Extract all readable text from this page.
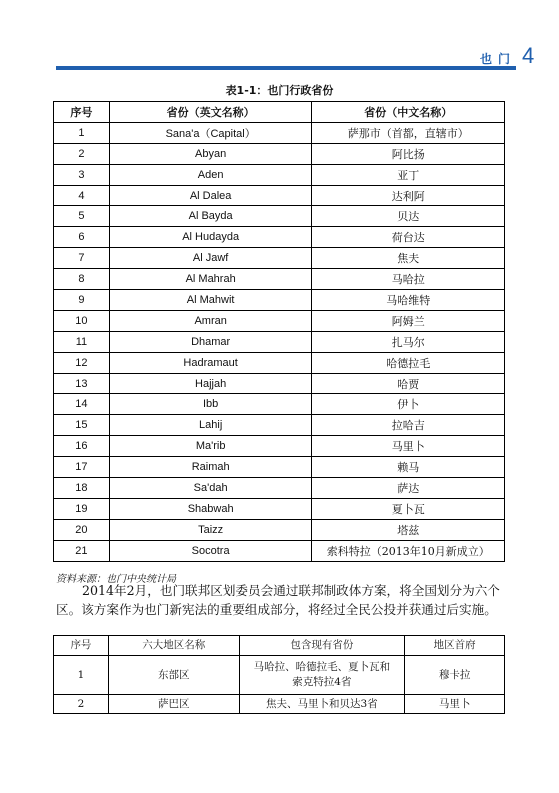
也门 4
表1-1：也门行政省份
序号	省份（英文名称）	省份（中文名称）
1	Sana'a（Capital）	萨那市（首都，直辖市）
2	Abyan	阿比扬
3	Aden	亚丁
4	Al Dalea	达利阿
5	Al Bayda	贝达
6	Al Hudayda	荷台达
7	Al Jawf	焦夫
8	Al Mahrah	马哈拉
9	Al Mahwit	马哈维特
10	Amran	阿姆兰
11	Dhamar	扎马尔
12	Hadramaut	哈德拉毛
13	Hajjah	哈贾
14	Ibb	伊卜
15	Lahij	拉哈吉
16	Ma'rib	马里卜
17	Raimah	赖马
18	Sa'dah	萨达
19	Shabwah	夏卜瓦
20	Taizz	塔兹
21	Socotra	索科特拉（2013年10月新成立）
资料来源：也门中央统计局
2014年2月，也门联邦区划委员会通过联邦制政体方案，将全国划分为六个区。该方案作为也门新宪法的重要组成部分，将经过全民公投并获通过后实施。
序号	六大地区名称	包含现有省份	地区首府
1	东部区	马哈拉、哈德拉毛、夏卜瓦和索克特拉4省	穆卡拉
2	萨巴区	焦夫、马里卜和贝达3省	马里卜
